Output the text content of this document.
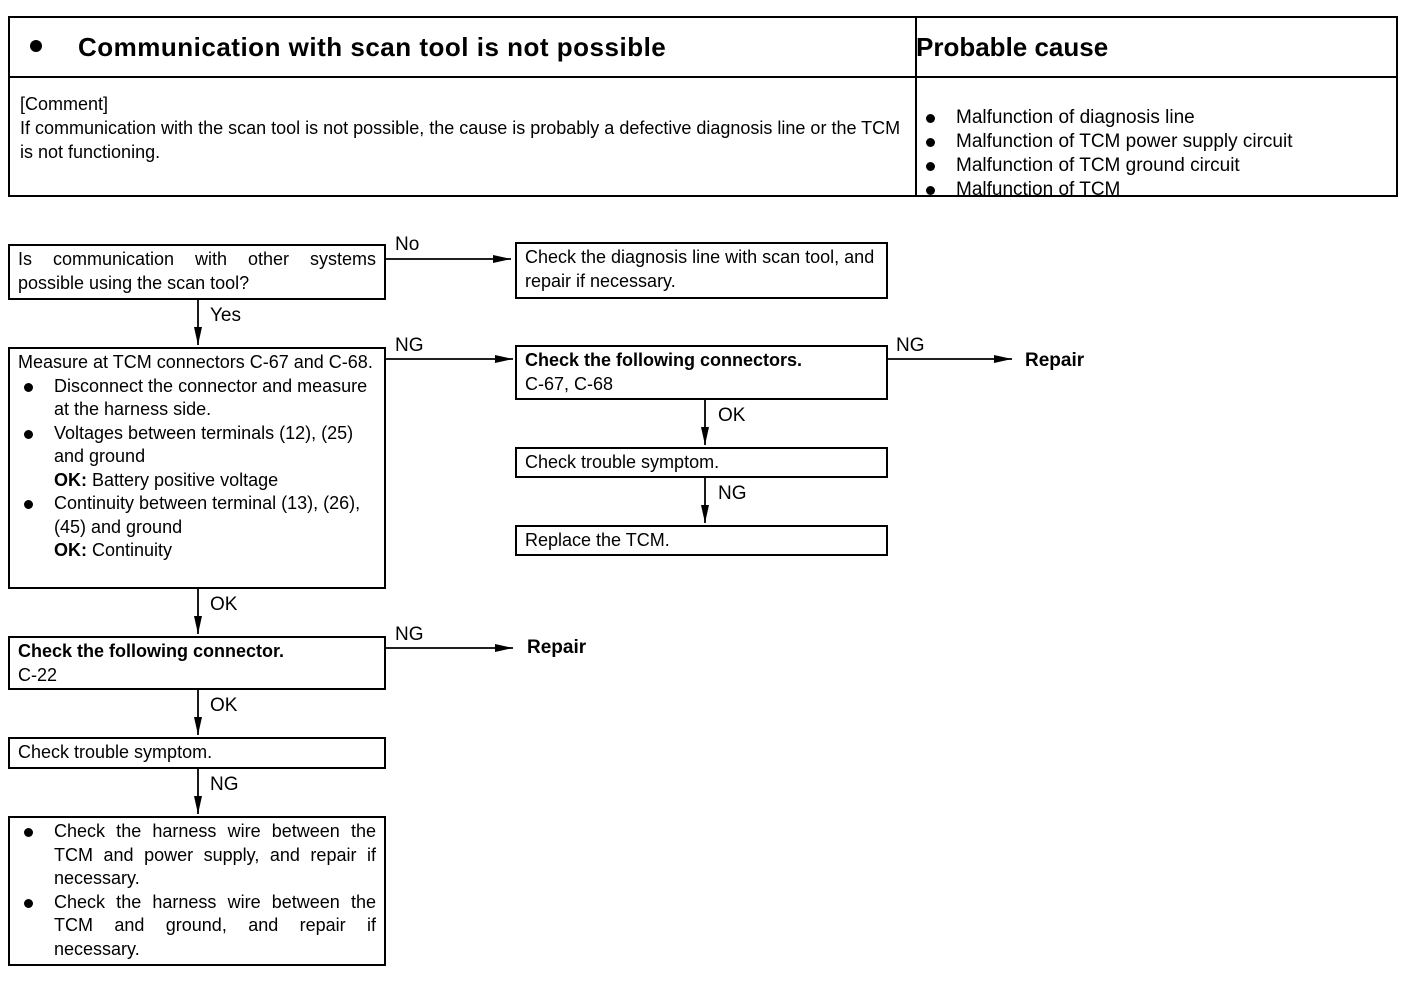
Communication with scan tool is not possible	Probable cause
[Comment]
If communication with the scan tool is not possible, the cause is probably a defective diagnosis line or the TCM is not functioning.
Malfunction of diagnosis line
Malfunction of TCM power supply circuit
Malfunction of TCM ground circuit
Malfunction of TCM
Is communication with other systems possible using the scan tool?
No
Check the diagnosis line with scan tool, and repair if necessary.
Yes
Measure at TCM connectors C-67 and C-68.
Disconnect the connector and measure at the harness side.
Voltages between terminals (12), (25) and ground
OK: Battery positive voltage
Continuity between terminal (13), (26), (45) and ground
OK: Continuity
NG
Check the following connectors.
C-67, C-68
NG
Repair
OK
Check trouble symptom.
NG
Replace the TCM.
OK
Check the following connector.
C-22
NG
Repair
OK
Check trouble symptom.
NG
Check the harness wire between the TCM and power supply, and repair if necessary.
Check the harness wire between the TCM and ground, and repair if necessary.
